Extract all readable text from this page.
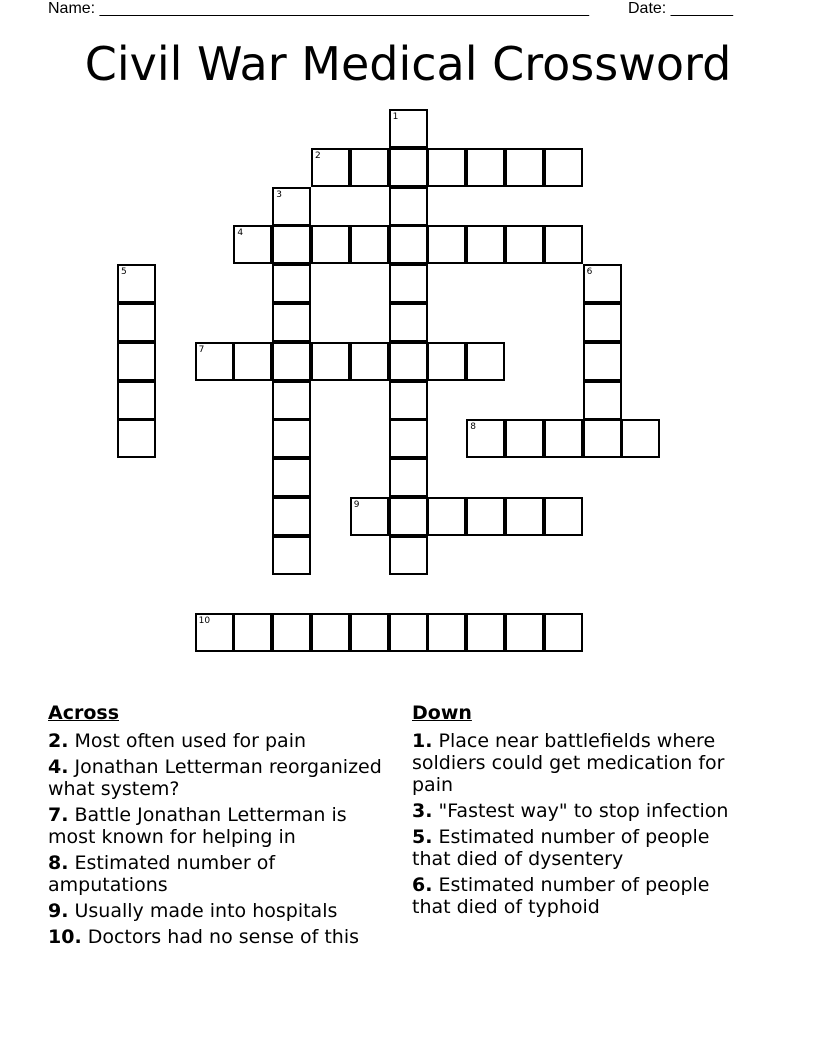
Name: _______________________________________________________ Date: _______
Civil War Medical Crossword
1
2
3
4
5	6
7
8
9
10
Across
2. Most often used for pain
4. Jonathan Letterman reorganized what system?
7. Battle Jonathan Letterman is most known for helping in
8. Estimated number of amputations
9. Usually made into hospitals
10. Doctors had no sense of this
Down
1. Place near battlefields where soldiers could get medication for pain
3. "Fastest way" to stop infection
5. Estimated number of people that died of dysentery
6. Estimated number of people that died of typhoid
